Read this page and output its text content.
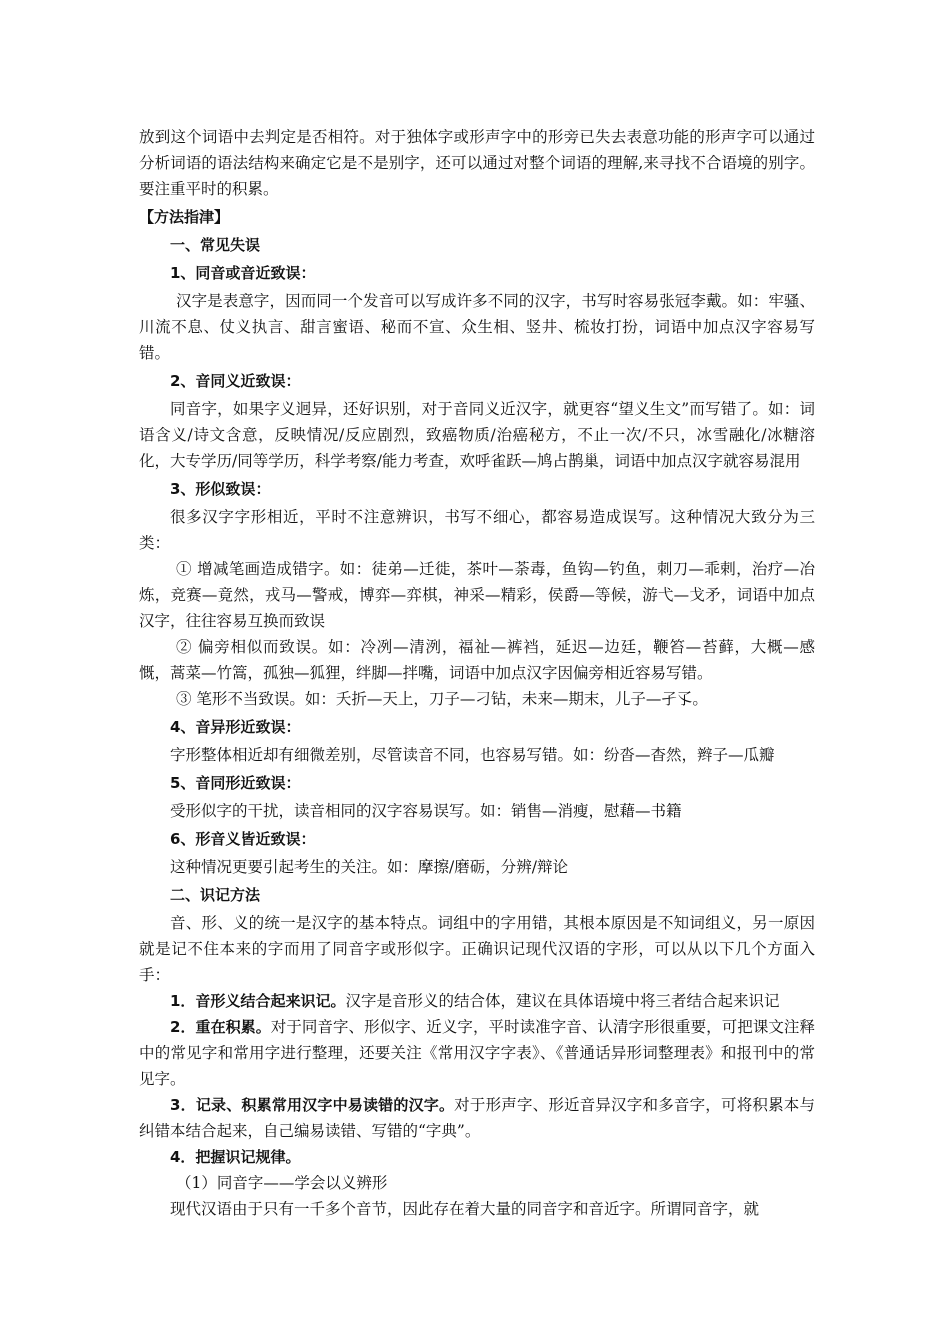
放到这个词语中去判定是否相符。对于独体字或形声字中的形旁已失去表意功能的形声字可以通过分析词语的语法结构来确定它是不是别字，还可以通过对整个词语的理解,来寻找不合语境的别字。要注重平时的积累。

【方法指津】

一、常见失误

1、同音或音近致误：

汉字是表意字，因而同一个发音可以写成许多不同的汉字，书写时容易张冠李戴。如：牢骚、川流不息、仗义执言、甜言蜜语、秘而不宣、众生相、竖井、梳妆打扮，词语中加点汉字容易写错。

2、音同义近致误：

同音字，如果字义迥异，还好识别，对于音同义近汉字，就更容“望义生文”而写错了。如：词语含义/诗文含意，反映情况/反应剧烈，致癌物质/治癌秘方，不止一次/不只，冰雪融化/冰糖溶化，大专学历/同等学历，科学考察/能力考查，欢呼雀跃—鸠占鹊巢，词语中加点汉字就容易混用

3、形似致误：

很多汉字字形相近，平时不注意辨识，书写不细心，都容易造成误写。这种情况大致分为三类：

① 增减笔画造成错字。如：徒弟—迁徙，茶叶—荼毒，鱼钩—钓鱼，刺刀—乖剌，治疗—冶炼，竞赛—竟然，戎马—警戒，博弈—弈棋，神采—精彩，侯爵—等候，游弋—戈矛，词语中加点汉字，往往容易互换而致误

② 偏旁相似而致误。如：冷冽—清洌，福祉—裤裆，延迟—边廷，鞭笞—苔藓，大概—感慨，蒿菜—竹篙，孤独—狐狸，绊脚—拌嘴，词语中加点汉字因偏旁相近容易写错。

③ 笔形不当致误。如：夭折—天上，刀子—刁钻，未来—期末，儿子—孑孓。

4、音异形近致误：

字形整体相近却有细微差别，尽管读音不同，也容易写错。如：纷沓—杳然，辫子—瓜瓣

5、音同形近致误：

受形似字的干扰，读音相同的汉字容易误写。如：销售—消瘦，慰藉—书籍

6、形音义皆近致误：

这种情况更要引起考生的关注。如：摩擦/磨砺，分辨/辩论

二、识记方法

音、形、义的统一是汉字的基本特点。词组中的字用错，其根本原因是不知词组义，另一原因就是记不住本来的字而用了同音字或形似字。正确识记现代汉语的字形，可以从以下几个方面入手：

1．音形义结合起来识记。汉字是音形义的结合体，建议在具体语境中将三者结合起来识记

2．重在积累。对于同音字、形似字、近义字，平时读准字音、认清字形很重要，可把课文注释中的常见字和常用字进行整理，还要关注《常用汉字字表》、《普通话异形词整理表》和报刊中的常见字。

3．记录、积累常用汉字中易读错的汉字。对于形声字、形近音异汉字和多音字，可将积累本与纠错本结合起来，自己编易读错、写错的“字典”。

4．把握识记规律。

（1）同音字——学会以义辨形

现代汉语由于只有一千多个音节，因此存在着大量的同音字和音近字。所谓同音字，就
